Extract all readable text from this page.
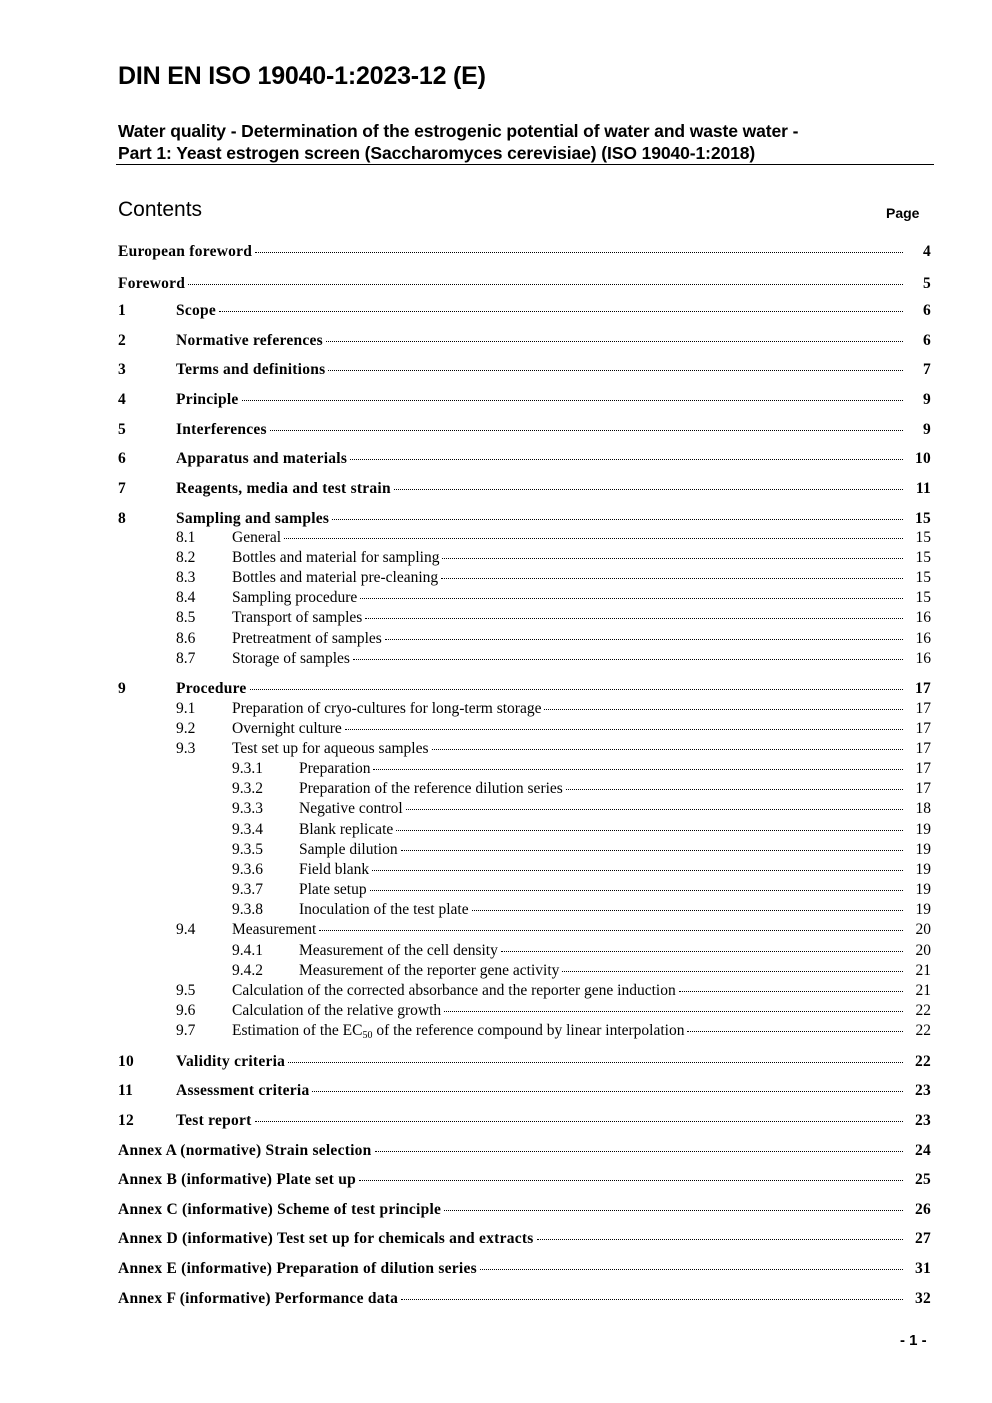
DIN EN ISO 19040-1:2023-12 (E)
Water quality - Determination of the estrogenic potential of water and waste water -
Part 1: Yeast estrogen screen (Saccharomyces cerevisiae) (ISO 19040-1:2018)
Contents	Page
European foreword	4
Foreword	5
1	Scope	6
2	Normative references	6
3	Terms and definitions	7
4	Principle	9
5	Interferences	9
6	Apparatus and materials	10
7	Reagents, media and test strain	11
8	Sampling and samples	15
8.1	General	15
8.2	Bottles and material for sampling	15
8.3	Bottles and material pre-cleaning	15
8.4	Sampling procedure	15
8.5	Transport of samples	16
8.6	Pretreatment of samples	16
8.7	Storage of samples	16
9	Procedure	17
9.1	Preparation of cryo-cultures for long-term storage	17
9.2	Overnight culture	17
9.3	Test set up for aqueous samples	17
9.3.1	Preparation	17
9.3.2	Preparation of the reference dilution series	17
9.3.3	Negative control	18
9.3.4	Blank replicate	19
9.3.5	Sample dilution	19
9.3.6	Field blank	19
9.3.7	Plate setup	19
9.3.8	Inoculation of the test plate	19
9.4	Measurement	20
9.4.1	Measurement of the cell density	20
9.4.2	Measurement of the reporter gene activity	21
9.5	Calculation of the corrected absorbance and the reporter gene induction	21
9.6	Calculation of the relative growth	22
9.7	Estimation of the $EC_{50}$ of the reference compound by linear interpolation	22
10	Validity criteria	22
11	Assessment criteria	23
12	Test report	23
Annex A (normative) Strain selection	24
Annex B (informative) Plate set up	25
Annex C (informative) Scheme of test principle	26
Annex D (informative) Test set up for chemicals and extracts	27
Annex E (informative) Preparation of dilution series	31
Annex F (informative) Performance data	32
- 1 -
